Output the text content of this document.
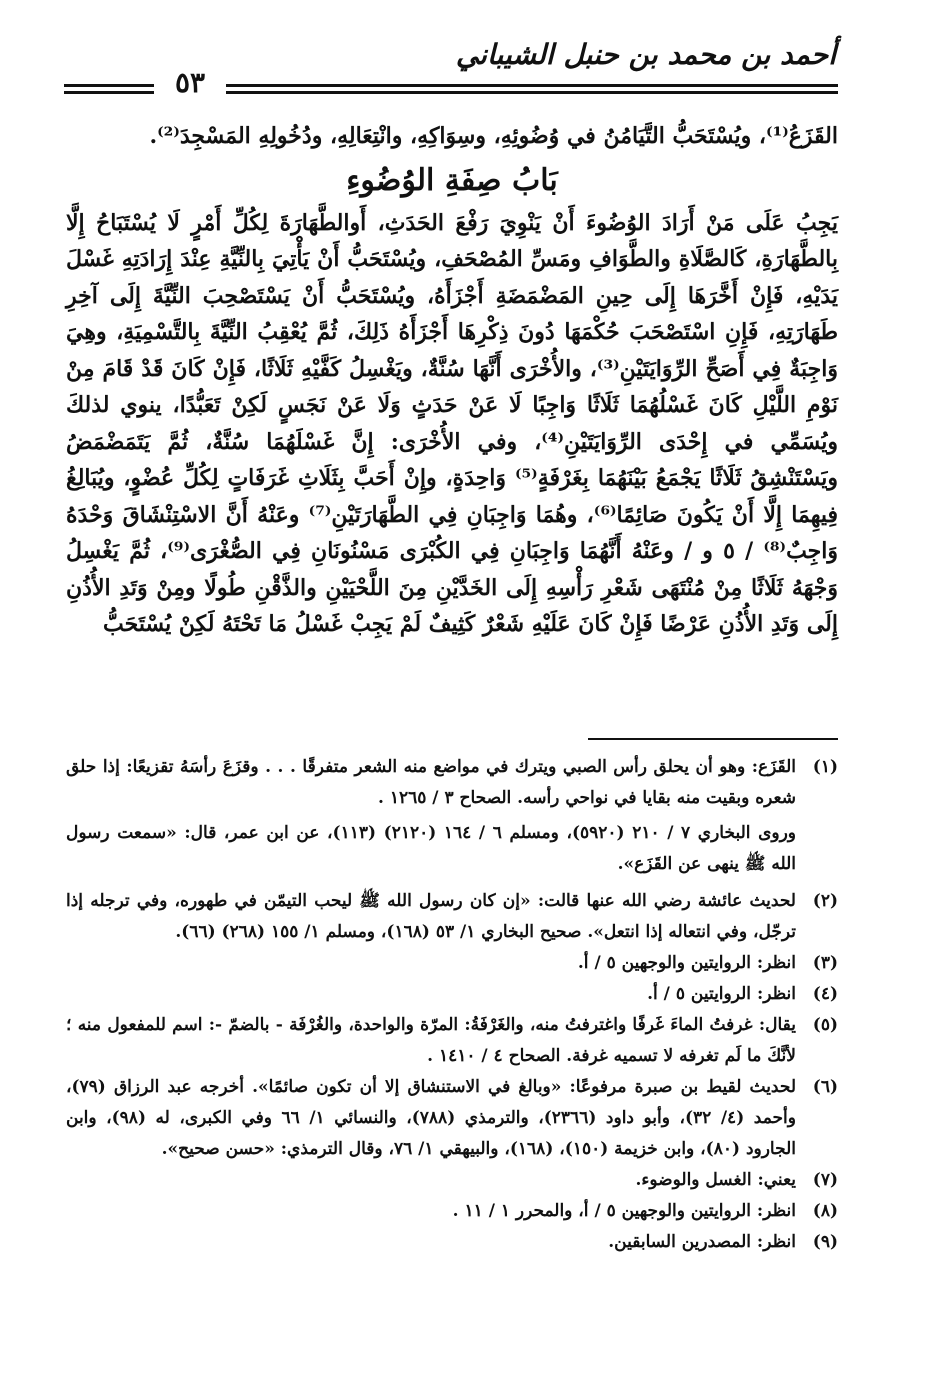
أحمد بن محمد بن حنبل الشيباني
٥٣

القَزَعُ⁽¹⁾، ويُسْتَحَبُّ التَّيَامُنُ في وُضُوئِهِ، وسِوَاكِهِ، وانْتِعَالِهِ، ودُخُولِهِ المَسْجِدَ⁽²⁾.

بَابُ صِفَةِ الوُضُوءِ

يَجِبُ عَلَى مَنْ أَرَادَ الوُضُوءَ أَنْ يَنْوِيَ رَفْعَ الحَدَثِ، أَوالطَّهَارَةَ لِكُلِّ أَمْرٍ لَا يُسْتَبَاحُ إِلَّا بِالطَّهَارَةِ، كَالصَّلَاةِ والطَّوَافِ ومَسِّ المُصْحَفِ، ويُسْتَحَبُّ أَنْ يَأْتِيَ بِالنِّيَّةِ عِنْدَ إِرَادَتِهِ غَسْلَ يَدَيْهِ، فَإِنْ أَخَّرَهَا إِلَى حِينِ المَضْمَضَةِ أَجْزَأَهُ، ويُسْتَحَبُّ أَنْ يَسْتَصْحِبَ النِّيَّةَ إِلَى آخِرِ طَهَارَتِهِ، فَإِنِ اسْتَصْحَبَ حُكْمَهَا دُونَ ذِكْرِهَا أَجْزَأَهُ ذَلِكَ، ثُمَّ يُعْقِبُ النِّيَّةَ بِالتَّسْمِيَةِ، وهِيَ وَاجِبَةٌ فِي أَصَحِّ الرِّوَايَتَيْنِ⁽³⁾، والأُخْرَى أَنَّهَا سُنَّةٌ، ويَغْسِلُ كَفَّيْهِ ثَلَاثًا، فَإِنْ كَانَ قَدْ قَامَ مِنْ نَوْمِ اللَّيْلِ كَانَ غَسْلُهُمَا ثَلَاثًا وَاجِبًا لَا عَنْ حَدَثٍ وَلَا عَنْ نَجَسٍ لَكِنْ تَعَبُّدًا، ينوي لذلكَ ويُسَمِّي في إِحْدَى الرِّوَايَتَيْنِ⁽⁴⁾، وفي الأُخْرَى: إِنَّ غَسْلَهُمَا سُنَّةٌ، ثُمَّ يَتَمَضْمَضُ ويَسْتَنْشِقُ ثَلَاثًا يَجْمَعُ بَيْنَهُمَا بِغَرْفَةٍ⁽⁵⁾ وَاحِدَةٍ، وإِنْ أَحَبَّ بِثَلَاثِ غَرَفَاتٍ لِكُلِّ عُضْوٍ، ويُبَالِغُ فِيهِمَا إِلَّا أَنْ يَكُونَ صَائِمًا⁽⁶⁾، وهُمَا وَاجِبَانِ فِي الطَّهَارَتَيْنِ⁽⁷⁾ وعَنْهُ أَنَّ الاسْتِنْشَاقَ وَحْدَهُ وَاجِبٌ⁽⁸⁾ / ٥ و / وعَنْهُ أَنَّهُمَا وَاجِبَانِ فِي الكُبْرَى مَسْنُونَانِ فِي الصُّغْرَى⁽⁹⁾، ثُمَّ يَغْسِلُ وَجْهَهُ ثَلَاثًا مِنْ مُنْتَهَى شَعْرِ رَأْسِهِ إِلَى الخَدَّيْنِ مِنَ اللَّحْيَيْنِ والذَّقْنِ طُولًا ومِنْ وَتَدِ الأُذُنِ إِلَى وَتَدِ الأُذُنِ عَرْضًا فَإِنْ كَانَ عَلَيْهِ شَعْرٌ كَثِيفٌ لَمْ يَجِبْ غَسْلُ مَا تَحْتَهُ لَكِنْ يُسْتَحَبُّ

(١)

القَزَع: وهو أن يحلق رأس الصبي ويترك في مواضع منه الشعر متفرقًا . . . وقزَعَ رأسَهُ تقزيعًا: إذا حلق شعره وبقيت منه بقايا في نواحي رأسه. الصحاح ٣ / ١٢٦٥ .

وروى البخاري ٧ / ٢١٠ (٥٩٢٠)، ومسلم ٦ / ١٦٤ (٢١٢٠) (١١٣)، عن ابن عمر، قال: «سمعت رسول الله ﷺ ينهى عن القَزَع».

(٢)

لحديث عائشة رضي الله عنها قالت: «إن كان رسول الله ﷺ ليحب التيمّن في طهوره، وفي ترجله إذا ترجّل، وفي انتعاله إذا انتعل». صحيح البخاري ١/ ٥٣ (١٦٨)، ومسلم ١/ ١٥٥ (٢٦٨) (٦٦).

(٣)

انظر: الروايتين والوجهين ٥ / أ.

(٤)

انظر: الروايتين ٥ / أ.

(٥)

يقال: غرفتُ الماءَ غَرفًا واغترفتُ منه، والغَرْفَةُ: المرّة والواحدة، والغُرْفَة - بالضمّ -: اسم للمفعول منه ؛ لأنَّكَ ما لَم تغرفه لا تسميه غرفة. الصحاح ٤ / ١٤١٠ .

(٦)

لحديث لقيط بن صبرة مرفوعًا: «وبالغ في الاستنشاق إلا أن تكون صائمًا». أخرجه عبد الرزاق (٧٩)، وأحمد (٤/ ٣٢)، وأبو داود (٢٣٦٦)، والترمذي (٧٨٨)، والنسائي ١/ ٦٦ وفي الكبرى، له (٩٨)، وابن الجارود (٨٠)، وابن خزيمة (١٥٠)، (١٦٨)، والبيهقي ١/ ٧٦، وقال الترمذي: «حسن صحيح».

(٧)

يعني: الغسل والوضوء.

(٨)

انظر: الروايتين والوجهين ٥ / أ، والمحرر ١ / ١١ .

(٩)

انظر: المصدرين السابقين.
